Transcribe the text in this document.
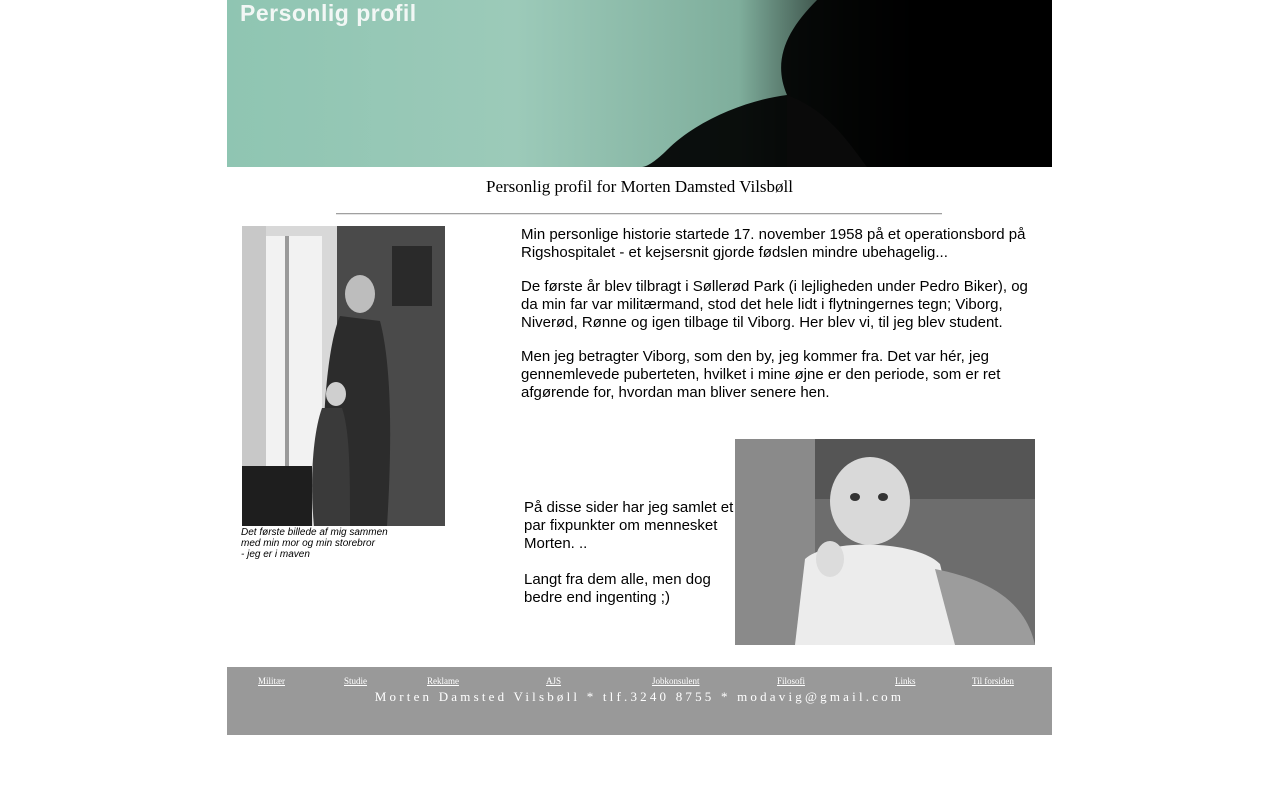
Personlig profil
Personlig profil for Morten Damsted Vilsbøll
Det første billede af mig sammen
med min mor og min storebror
- jeg er i maven

Min personlige historie startede 17. november 1958 på et operationsbord på Rigshospitalet - et kejsersnit gjorde fødslen mindre ubehagelig...

De første år blev tilbragt i Søllerød Park (i lejligheden under Pedro Biker), og da min far var militærmand, stod det hele lidt i flytningernes tegn; Viborg, Niverød, Rønne og igen tilbage til Viborg. Her blev vi, til jeg blev student.

Men jeg betragter Viborg, som den by, jeg kommer fra. Det var hér, jeg gennemlevede puberteten, hvilket i mine øjne er den periode, som er ret afgørende for, hvordan man bliver senere hen.

På disse sider har jeg samlet et par fixpunkter om mennesket Morten. ..

Langt fra dem alle, men dog bedre end ingenting ;)

Militær	Studie	Reklame	AJS	Jobkonsulent	Filosofi	Links	Til forsiden
Morten Damsted Vilsbøll * tlf.3240 8755 * modavig@gmail.com
